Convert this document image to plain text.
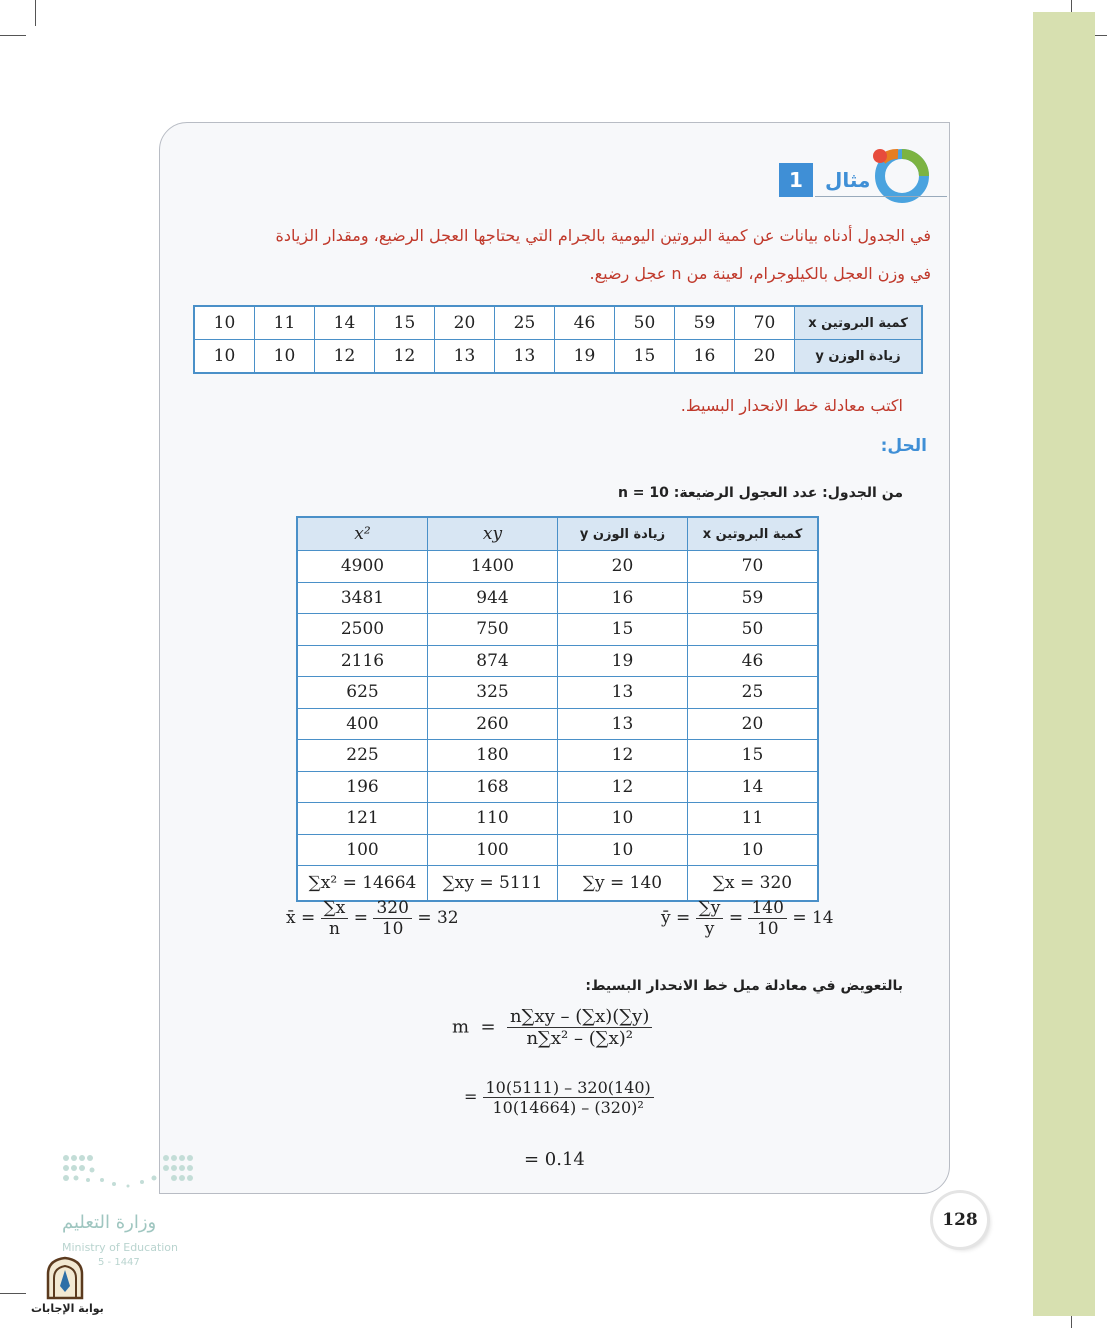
1	مثال
في الجدول أدناه بيانات عن كمية البروتين اليومية بالجرام التي يحتاجها العجل الرضيع، ومقدار الزيادة
في وزن العجل بالكيلوجرام، لعينة من n عجل رضيع.
10	11	14	15	20	25	46	50	59	70	كمية البروتين x
10	10	12	12	13	13	19	15	16	20	زيادة الوزن y
اكتب معادلة خط الانحدار البسيط.
الحل:
من الجدول: عدد العجول الرضيعة: n = 10
x²	xy	زيادة الوزن y	كمية البروتين x
4900	1400	20	70
3481	944	16	59
2500	750	15	50
2116	874	19	46
625	325	13	25
400	260	13	20
225	180	12	15
196	168	12	14
121	110	10	11
100	100	10	10
∑x² = 14664	∑xy = 5111	∑y = 140	∑x = 320
x̄ = $\frac{\sum x}{n} = \frac{320}{10} = 32$	ȳ = $\frac{\sum y}{y} = \frac{140}{10} = 14$
بالتعويض في معادلة ميل خط الانحدار البسيط:
$m = \frac{n\sum xy - (\sum x)(\sum y)}{\text{n∑x² – (∑x)²}}$
= $\frac{10(5111) - 320(140)}{\text{10(14664) – (320)²}}$
= 0.14
128
وزارة التعليم
Ministry of Education
5 - 1447
بوابة الإجابات
